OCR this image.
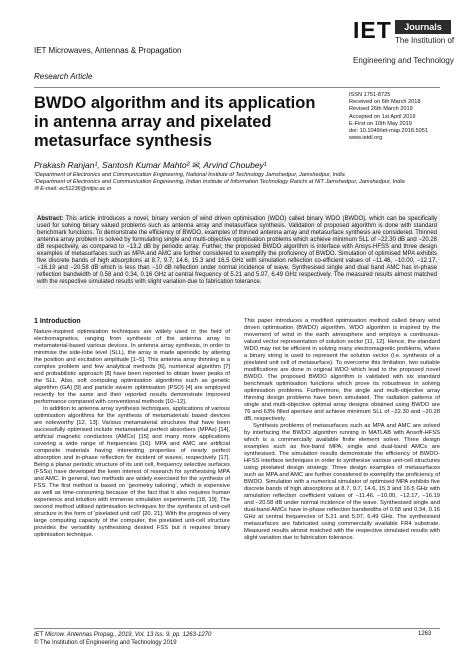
IET Microwaves, Antennas & Propagation
Research Article
IET	Journals
The Institution of
Engineering and Technology
BWDO algorithm and its application in antenna array and pixelated metasurface synthesis
ISSN 1751-8725
Received on 6th March 2018
Revised 26th March 2019
Accepted on 1st April 2019
E-First on 10th May 2019
doi: 10.1049/iet-map.2018.5051
www.ietdl.org
Prakash Ranjan¹, Santosh Kumar Mahto² ✉, Arvind Choubey¹
¹Department of Electronics and Communication Engineering, National Institute of Technology Jamshedpur, Jamshedpur, India
²Department of Electronics and Communication Engineering, Indian Institute of Information Technology Ranchi at NIT Jamshedpur, Jamshedpur, India
✉ E-mail: ec51236@nitjsr.ac.in
Abstract: This article introduces a novel, binary version of wind driven optimisation (WDO) called binary WDO (BWDO), which can be specifically used for solving binary valued problems such as antenna array and metasurface synthesis. Validation of proposed algorithm is done with standard benchmark functions. To demonstrate the efficiency of BWDO, examples of thinned antenna array and metasurface synthesis are considered. Thinned antenna array problem is solved by formulating single and multi-objective optimisation problems which achieve minimum SLL of −22.30 dB and −20.28 dB respectively, as compared to −13.2 dB by periodic array. Further, the proposed BWDO algorithm is interface with Ansys-HFSS and three design examples of metasurfaces such as MPA and AMC are further considered to exemplify the proficiency of BWDO. Simulation of optimised MPA exhibits five discrete bands of high absorptions at 8.7, 9.7, 14.6, 15.3 and 16.5 GHz with simulation reflection co-efficient values of −11.46, −10.00, −12.17, −16.19 and −20.58 dB which is less than −10 dB reflection under normal incidence of wave. Synthesised single and dual band AMC has in-phase reflection bandwidth of 0.58 and 0.34, 0.16 GHz at central frequency of 5.21 and 5.07, 6.49 GHz respectively. The measured results almost matched with the respective simulated results with slight variation due to fabrication tolerance.
1 Introduction

Nature-inspired optimisation techniques are widely used in the field of electromagnetics, ranging from synthesis of the antenna array to metamaterial-based various devices. In antenna array synthesis, in order to minimise the side-lobe level (SLL), the array is made aperiodic by altering the position and excitation amplitude [1–5]. This antenna array thinning is a complex problem and few analytical methods [6], numerical algorithm [7] and probabilistic approach [8] have been reported to obtain lower peaks of the SLL. Also, soft computing optimisation algorithms such as genetic algorithm (GA) [9] and particle swarm optimisation (PSO) [4] are employed recently for the same and their reported results demonstrate improved performance compared with conventional methods [10–12].

In addition to antenna array synthesis techniques, applications of various optimisation algorithms for the synthesis of metamaterials based devices are noteworthy [12, 13]. Various metamaterial structures that have been successfully optimised include metamaterial perfect absorbers (MPAs) [14], artificial magnetic conductors (AMCs) [15] and many more applications covering a wide range of frequencies [16]. MPA and AMC are artificial composite materials having interesting properties of nearly perfect absorption and in-phase reflection for incident of waves, respectively [17]. Being a planar periodic structure of its unit cell, frequency selective surfaces (FSSs) have developed the keen interest of research for synthesising MPA and AMC. In general, two methods are widely exercised for the synthesis of FSS. The first method is based on ‘geometry tailoring’, which is expensive as well as time-consuming because of the fact that it also requires human experience and intuition with immense simulation experiments [18, 19]. The second method utilised optimisation techniques for the synthesis of unit-cell structure in the form of ‘pixelated unit cell’ [20, 21]. With the progress of very large computing capacity of the computer, the pixelated unit-cell structure provides the versatility synthesising desired FSS but it requires binary optimisation technique.

This paper introduces a modified optimisation method called binary wind driven optimisation (BWDO) algorithm. WDO algorithm is inspired by the movement of wind in the earth atmosphere and employs a continuous-valued vector representation of solution vector [11, 12]. Hence, the standard WDO may not be efficient in solving many electromagnetic problems, where a binary string is used to represent the solution vector (i.e. synthesis of a pixelated unit cell of metasurface). To overcome this limitation, two suitable modifications are done in original WDO which lead to the proposed novel BWDO. The proposed BWDO algorithm is validated with six standard benchmark optimisation functions which prove its robustness in solving optimisation problems. Furthermore, the single and multi-objective array thinning design problems have been simulated. The radiation patterns of single and multi-objective optimal array designs obtained using BWDO are 76 and 63% filled aperture and achieve minimum SLL of −22.30 and −20.28 dB, respectively.

Synthesis problems of metasurfaces such as MPA and AMC are solved by interfacing the BWDO algorithm running in MATLAB with Ansoft-HFSS which is a commercially available finite element solver. Three design examples such as five-band MPA, single and dual-band AMCs are synthesised. The simulation results demonstrate the efficiency of BWDO-HFSS interface techniques in order to synthesise various unit-cell structures using pixelated design strategy. Three design examples of metasurfaces such as MPA and AMC are further considered to exemplify the proficiency of BWDO. Simulation with a numerical simulator of optimised MPA exhibits five discrete bands of high absorptions at 8.7, 9.7, 14.6, 15.3 and 16.5 GHz with simulation reflection coefficient values of −11.46, −10.00, −12.17, −16.19 and −20.58 dB under normal incidence of the wave. Synthesised single and dual-band AMCs have in-phase reflection bandwidths of 0.58 and 0.34, 0.16 GHz at central frequencies of 5.21 and 5.07, 6.49 GHz. The synthesised metasurfaces are fabricated using commercially available FR4 substrate. Measured results almost matched with the respective simulated results with slight variation due to fabrication tolerance.

IET Microw. Antennas Propag., 2019, Vol. 13 Iss. 9, pp. 1263-1270
© The Institution of Engineering and Technology 2019
1263
